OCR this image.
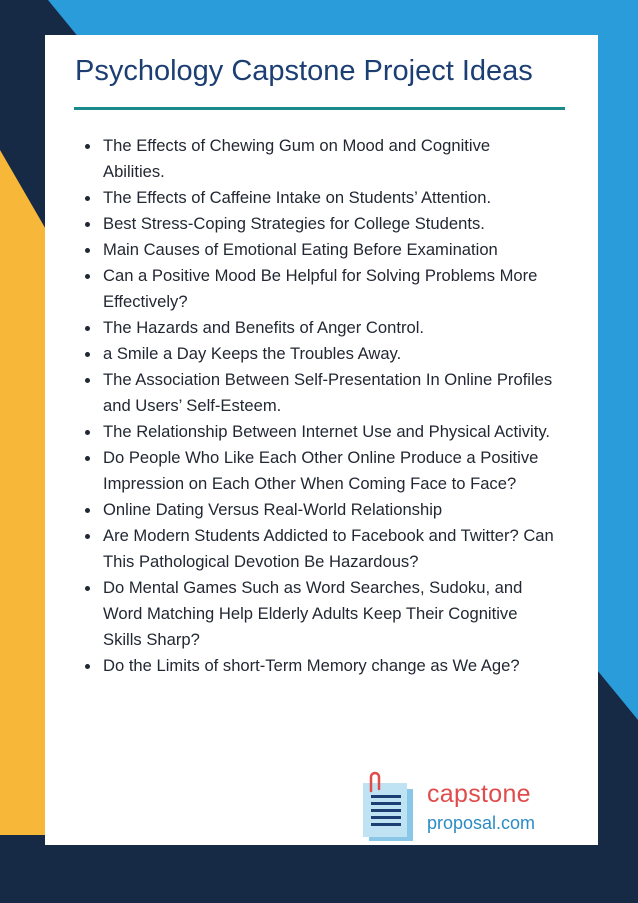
Psychology Capstone Project Ideas
The Effects of Chewing Gum on Mood and Cognitive Abilities.
The Effects of Caffeine Intake on Students’ Attention.
Best Stress-Coping Strategies for College Students.
Main Causes of Emotional Eating Before Examination
Can a Positive Mood Be Helpful for Solving Problems More Effectively?
The Hazards and Benefits of Anger Control.
a Smile a Day Keeps the Troubles Away.
The Association Between Self-Presentation In Online Profiles and Users’ Self-Esteem.
The Relationship Between Internet Use and Physical Activity.
Do People Who Like Each Other Online Produce a Positive Impression on Each Other When Coming Face to Face?
Online Dating Versus Real-World Relationship
Are Modern Students Addicted to Facebook and Twitter? Can This Pathological Devotion Be Hazardous?
Do Mental Games Such as Word Searches, Sudoku, and Word Matching Help Elderly Adults Keep Their Cognitive Skills Sharp?
Do the Limits of short-Term Memory change as We Age?
capstone
proposal.com
